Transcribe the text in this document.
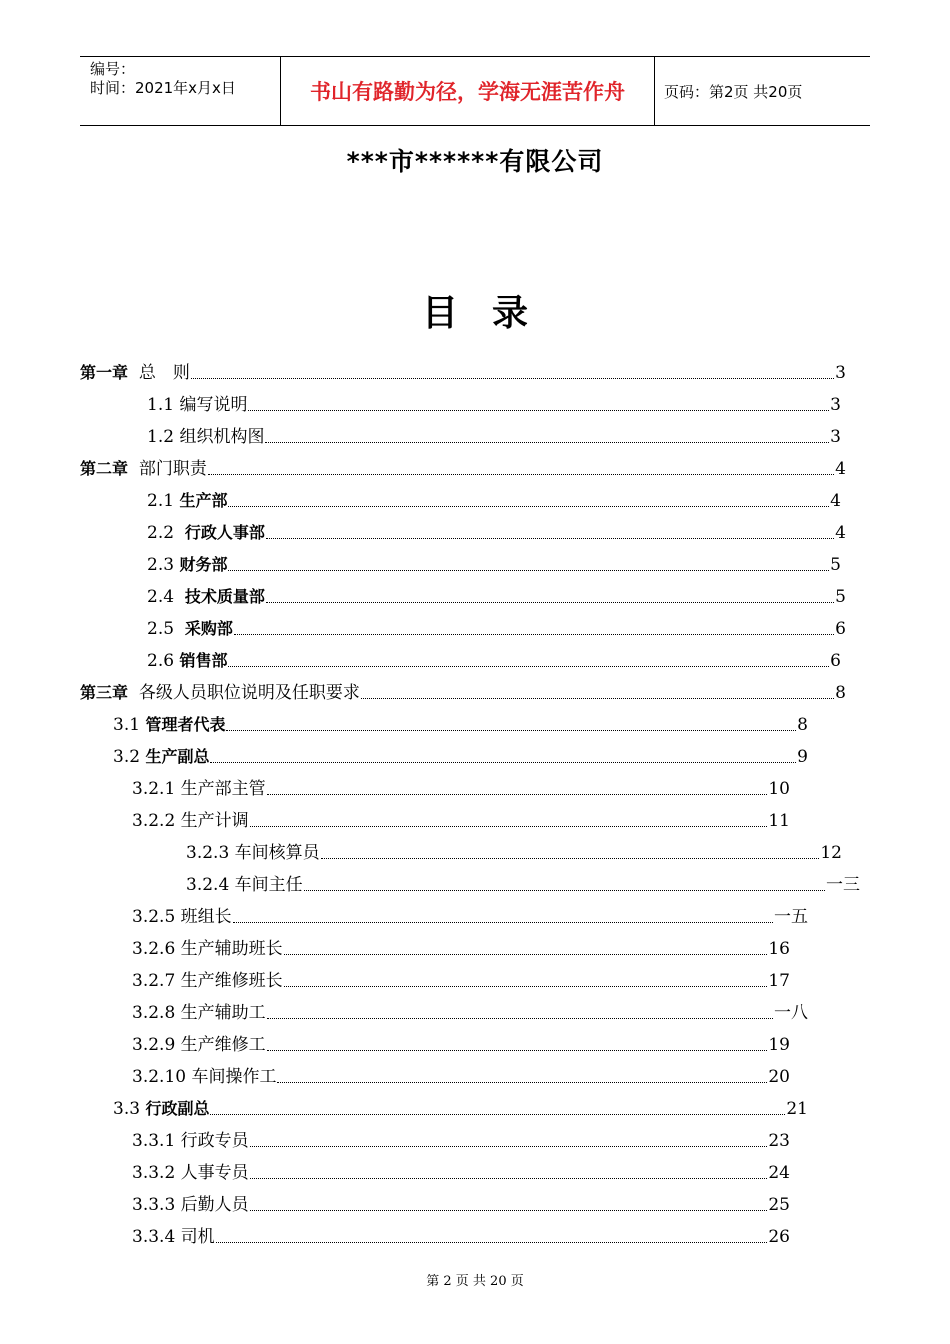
编号：
时间：2021年x月x日	书山有路勤为径，学海无涯苦作舟	页码：第2页 共20页
***市******有限公司
目录
第一章 总　则	3
1.1 编写说明	3
1.2 组织机构图	3
第二章 部门职责	4
2.1 生产部	4
2.2 行政人事部	4
2.3 财务部	5
2.4 技术质量部	5
2.5 采购部	6
2.6 销售部	6
第三章 各级人员职位说明及任职要求	8
3.1 管理者代表	8
3.2 生产副总	9
3.2.1 生产部主管	10
3.2.2 生产计调	11
3.2.3 车间核算员	12
3.2.4 车间主任	一三
3.2.5 班组长	一五
3.2.6 生产辅助班长	16
3.2.7 生产维修班长	17
3.2.8 生产辅助工	一八
3.2.9 生产维修工	19
3.2.10 车间操作工	20
3.3 行政副总	21
3.3.1 行政专员	23
3.3.2 人事专员	24
3.3.3 后勤人员	25
3.3.4 司机	26
第 2 页 共 20 页
